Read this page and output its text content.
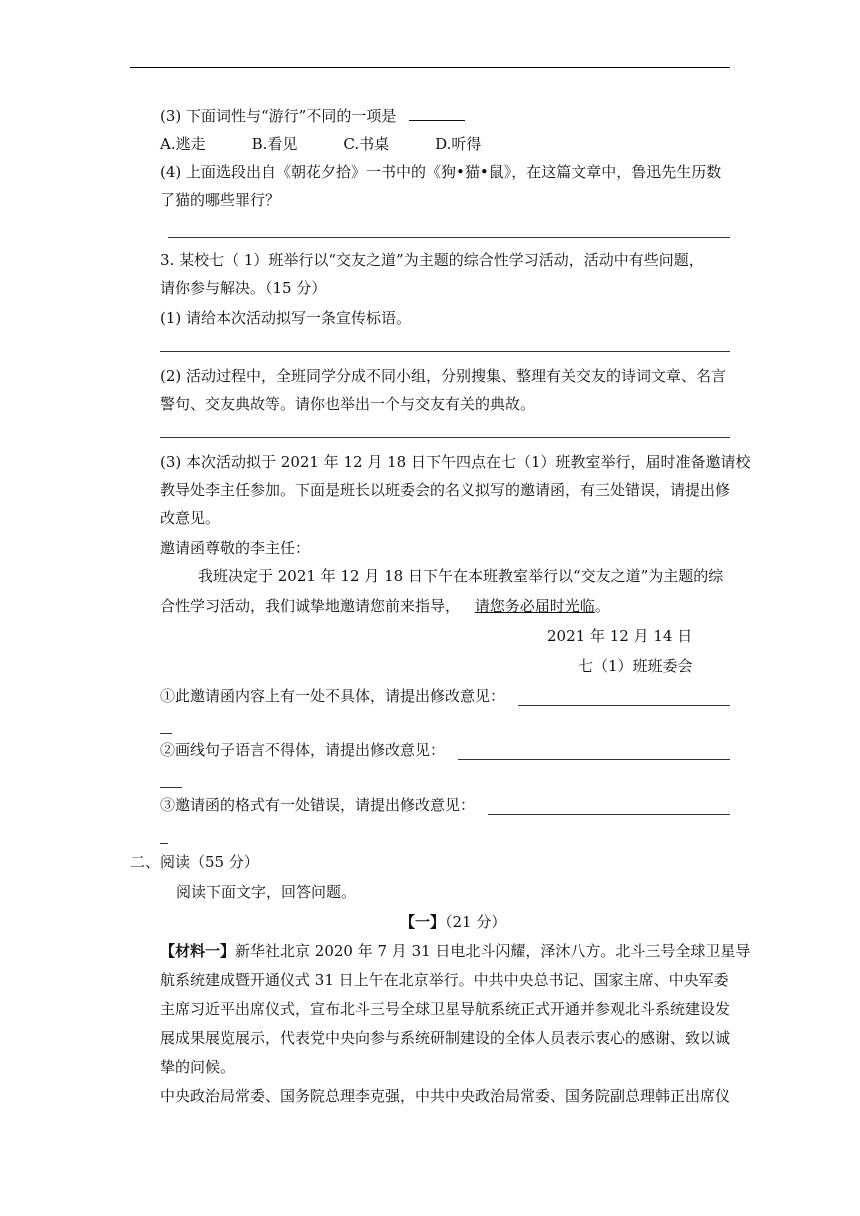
(3) 下面词性与“游行”不同的一项是
A.逃走	B.看见	C.书桌	D.听得
(4) 上面选段出自《朝花夕拾》一书中的《狗•猫•鼠》，在这篇文章中，鲁迅先生历数
了猫的哪些罪行？
3. 某校七（ 1）班举行以“交友之道”为主题的综合性学习活动，活动中有些问题，
请你参与解决。（15 分）
(1) 请给本次活动拟写一条宣传标语。
(2) 活动过程中，全班同学分成不同小组，分别搜集、整理有关交友的诗词文章、名言
警句、交友典故等。请你也举出一个与交友有关的典故。
(3) 本次活动拟于 2021 年 12 月 18 日下午四点在七（1）班教室举行，届时准备邀请校
教导处李主任参加。下面是班长以班委会的名义拟写的邀请函，有三处错误，请提出修
改意见。
邀请函尊敬的李主任：
我班决定于 2021 年 12 月 18 日下午在本班教室举行以“交友之道”为主题的综
合性学习活动，我们诚挚地邀请您前来指导， 请您务必届时光临。
2021 年 12 月 14 日
七（1）班班委会
①此邀请函内容上有一处不具体，请提出修改意见：
②画线句子语言不得体，请提出修改意见：
③邀请函的格式有一处错误，请提出修改意见：
二、阅读（55 分）
阅读下面文字，回答问题。
【一】（21 分）
【材料一】新华社北京 2020 年 7 月 31 日电北斗闪耀，泽沐八方。北斗三号全球卫星导
航系统建成暨开通仪式 31 日上午在北京举行。中共中央总书记、国家主席、中央军委
主席习近平出席仪式，宣布北斗三号全球卫星导航系统正式开通并参观北斗系统建设发
展成果展览展示，代表党中央向参与系统研制建设的全体人员表示衷心的感谢、致以诚
挚的问候。
中央政治局常委、国务院总理李克强，中共中央政治局常委、国务院副总理韩正出席仪
